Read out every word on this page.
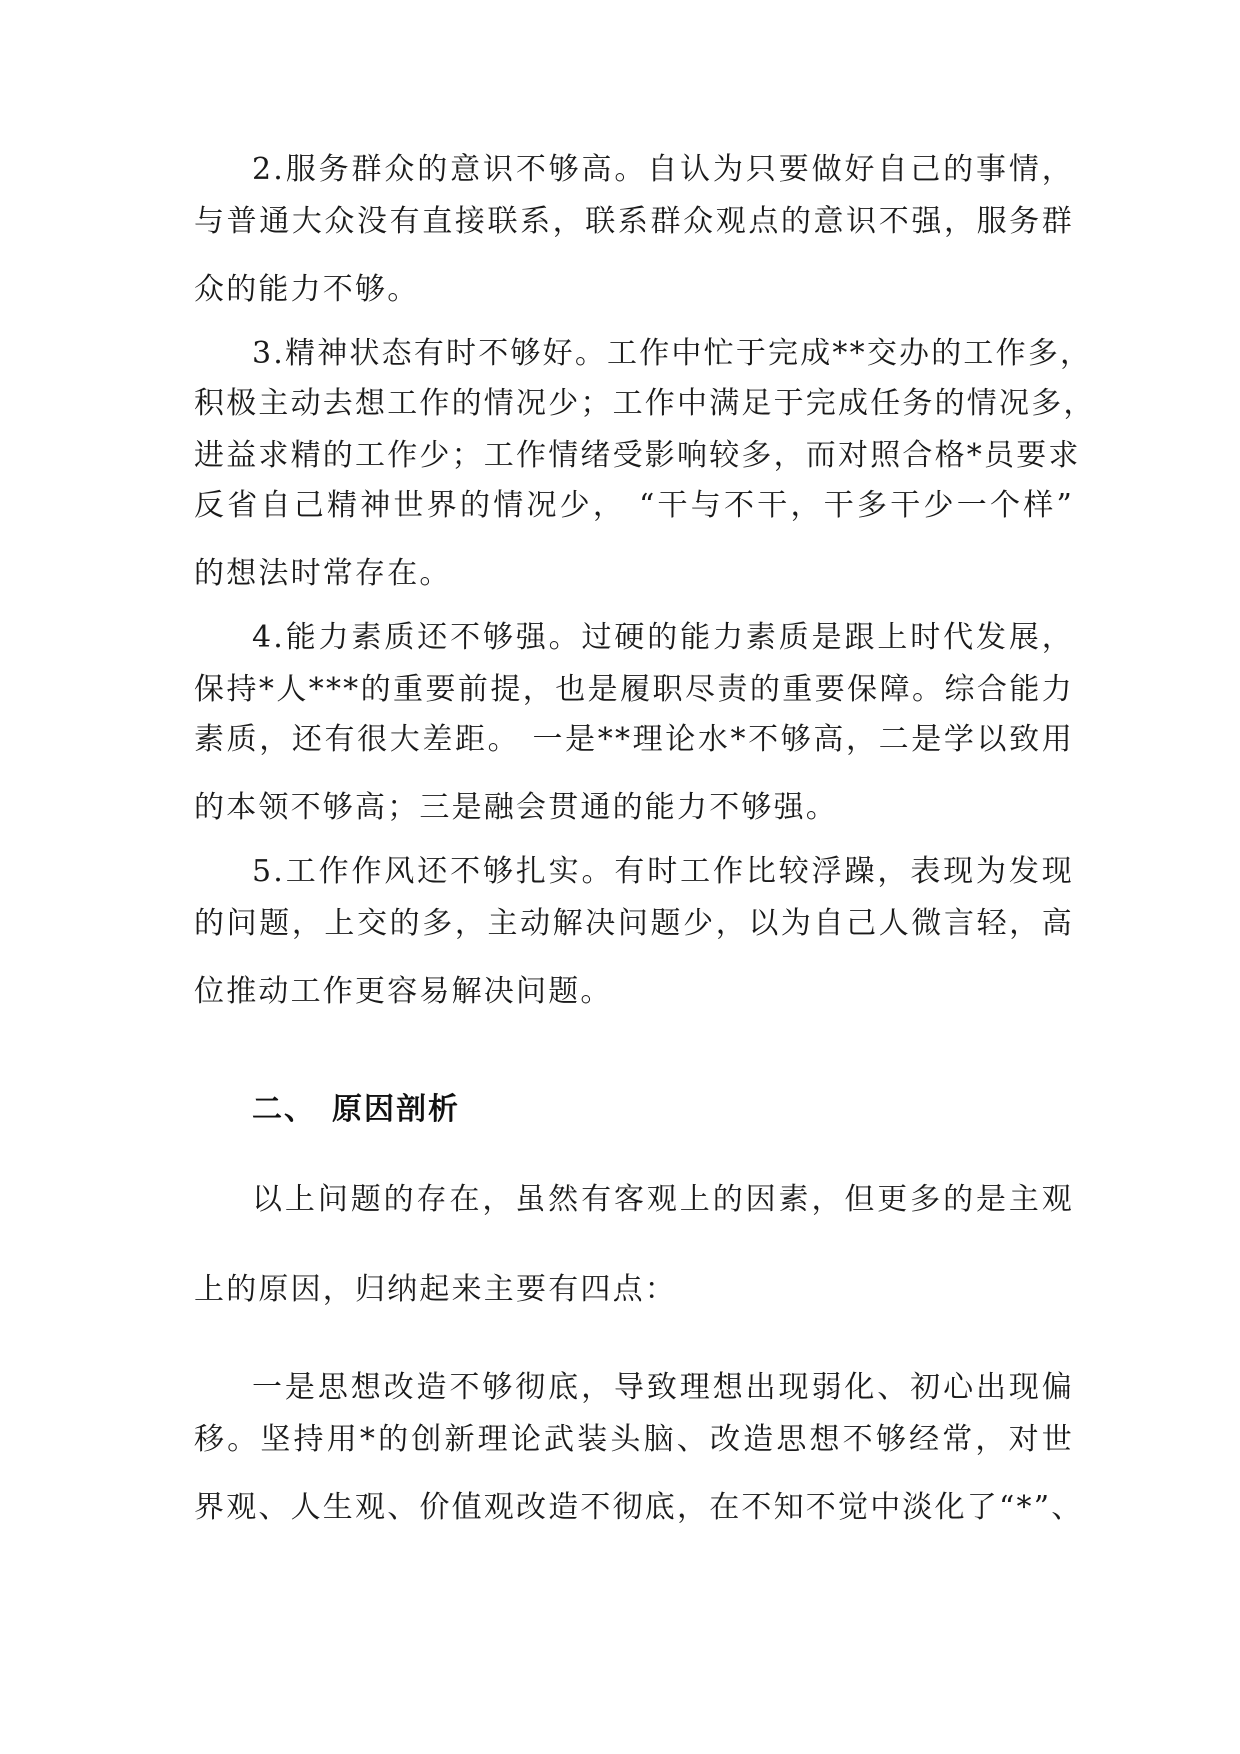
2.服务群众的意识不够高。自认为只要做好自己的事情，
与普通大众没有直接联系，联系群众观点的意识不强，服务群
众的能力不够。
3.精神状态有时不够好。工作中忙于完成**交办的工作多，
积极主动去想工作的情况少；工作中满足于完成任务的情况多，
进益求精的工作少；工作情绪受影响较多，而对照合格*员要求
反省自己精神世界的情况少， “干与不干，干多干少一个样”
的想法时常存在。
4.能力素质还不够强。过硬的能力素质是跟上时代发展，
保持*人***的重要前提，也是履职尽责的重要保障。综合能力
素质，还有很大差距。 一是**理论水*不够高，二是学以致用
的本领不够高；三是融会贯通的能力不够强。
5.工作作风还不够扎实。有时工作比较浮躁，表现为发现
的问题，上交的多，主动解决问题少，以为自己人微言轻，高
位推动工作更容易解决问题。
二、 原因剖析
以上问题的存在，虽然有客观上的因素，但更多的是主观
上的原因，归纳起来主要有四点：
一是思想改造不够彻底，导致理想出现弱化、初心出现偏
移。坚持用*的创新理论武装头脑、改造思想不够经常，对世
界观、人生观、价值观改造不彻底，在不知不觉中淡化了“*”、
